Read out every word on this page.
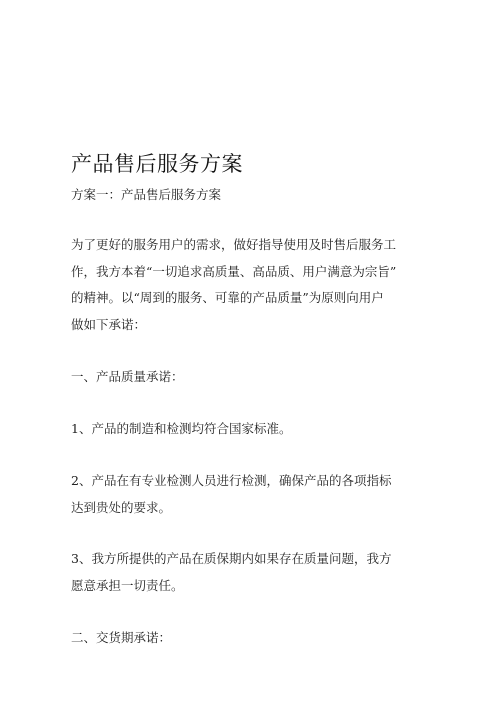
产品售后服务方案
方案一：产品售后服务方案
为了更好的服务用户的需求，做好指导使用及时售后服务工
作，我方本着“一切追求高质量、高品质、用户满意为宗旨”
的精神。以“周到的服务、可靠的产品质量”为原则向用户
做如下承诺：
一、产品质量承诺：
1、产品的制造和检测均符合国家标准。
2、产品在有专业检测人员进行检测，确保产品的各项指标
达到贵处的要求。
3、我方所提供的产品在质保期内如果存在质量问题，我方
愿意承担一切责任。
二、交货期承诺：
